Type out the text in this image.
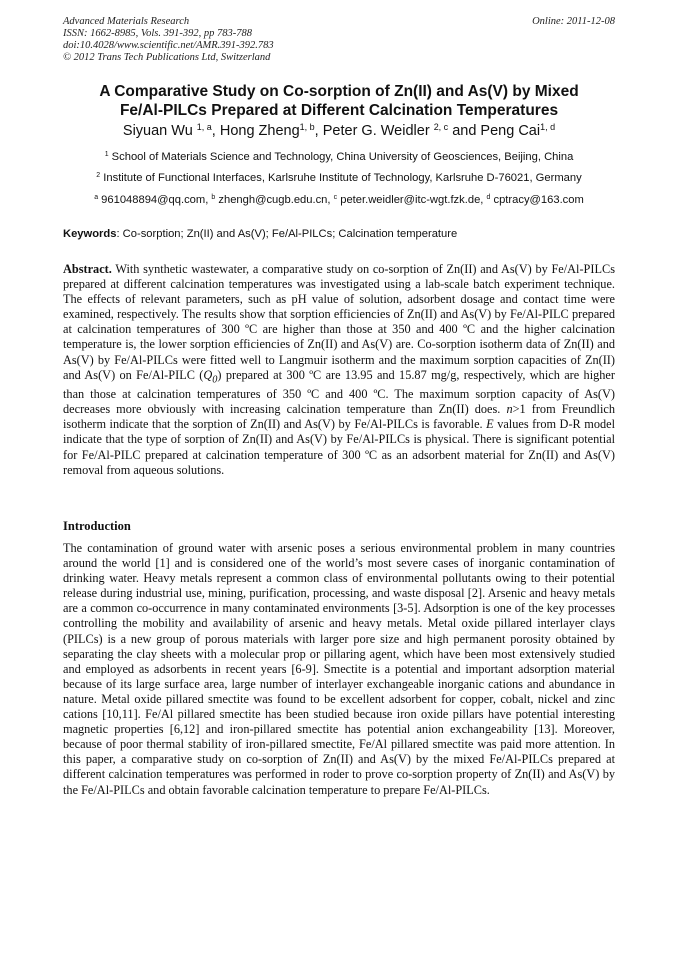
Advanced Materials Research
ISSN: 1662-8985, Vols. 391-392, pp 783-788
doi:10.4028/www.scientific.net/AMR.391-392.783
© 2012 Trans Tech Publications Ltd, Switzerland
Online: 2011-12-08
A Comparative Study on Co-sorption of Zn(II) and As(V) by Mixed
Fe/Al-PILCs Prepared at Different Calcination Temperatures
Siyuan Wu $^{1, a}$, Hong Zheng$^{1, b}$, Peter G. Weidler $^{2, c}$ and Peng Cai$^{1, d}$
$^1$ School of Materials Science and Technology, China University of Geosciences, Beijing, China
$^2$ Institute of Functional Interfaces, Karlsruhe Institute of Technology, Karlsruhe D-76021, Germany
$^a$ 961048894@qq.com, $^b$ zhengh@cugb.edu.cn, $^c$ peter.weidler@itc-wgt.fzk.de, $^d$ cptracy@163.com
Keywords: Co-sorption; Zn(II) and As(V); Fe/Al-PILCs; Calcination temperature
Abstract. With synthetic wastewater, a comparative study on co-sorption of Zn(II) and As(V) by Fe/Al-PILCs prepared at different calcination temperatures was investigated using a lab-scale batch experiment technique. The effects of relevant parameters, such as pH value of solution, adsorbent dosage and contact time were examined, respectively. The results show that sorption efficiencies of Zn(II) and As(V) by Fe/Al-PILC prepared at calcination temperatures of 300 ºC are higher than those at 350 and 400 ºC and the higher calcination temperature is, the lower sorption efficiencies of Zn(II) and As(V) are. Co-sorption isotherm data of Zn(II) and As(V) by Fe/Al-PILCs were fitted well to Langmuir isotherm and the maximum sorption capacities of Zn(II) and As(V) on Fe/Al-PILC $(Q_0)$ prepared at 300 ºC are 13.95 and 15.87 mg/g, respectively, which are higher than those at calcination temperatures of 350 ºC and 400 ºC. The maximum sorption capacity of As(V) decreases more obviously with increasing calcination temperature than Zn(II) does. n>1 from Freundlich isotherm indicate that the sorption of Zn(II) and As(V) by Fe/Al-PILCs is favorable. E values from D-R model indicate that the type of sorption of Zn(II) and As(V) by Fe/Al-PILCs is physical. There is significant potential for Fe/Al-PILC prepared at calcination temperature of 300 ºC as an adsorbent material for Zn(II) and As(V) removal from aqueous solutions.
Introduction
The contamination of ground water with arsenic poses a serious environmental problem in many countries around the world [1] and is considered one of the world’s most severe cases of inorganic contamination of drinking water. Heavy metals represent a common class of environmental pollutants owing to their potential release during industrial use, mining, purification, processing, and waste disposal [2]. Arsenic and heavy metals are a common co-occurrence in many contaminated environments [3-5]. Adsorption is one of the key processes controlling the mobility and availability of arsenic and heavy metals. Metal oxide pillared interlayer clays (PILCs) is a new group of porous materials with larger pore size and high permanent porosity obtained by separating the clay sheets with a molecular prop or pillaring agent, which have been most extensively studied and employed as adsorbents in recent years [6-9]. Smectite is a potential and important adsorption material because of its large surface area, large number of interlayer exchangeable inorganic cations and abundance in nature. Metal oxide pillared smectite was found to be excellent adsorbent for copper, cobalt, nickel and zinc cations [10,11]. Fe/Al pillared smectite has been studied because iron oxide pillars have potential interesting magnetic properties [6,12] and iron-pillared smectite has potential anion exchangeability [13]. Moreover, because of poor thermal stability of iron-pillared smectite, Fe/Al pillared smectite was paid more attention. In this paper, a comparative study on co-sorption of Zn(II) and As(V) by the mixed Fe/Al-PILCs prepared at different calcination temperatures was performed in roder to prove co-sorption property of Zn(II) and As(V) by the Fe/Al-PILCs and obtain favorable calcination temperature to prepare Fe/Al-PILCs.
